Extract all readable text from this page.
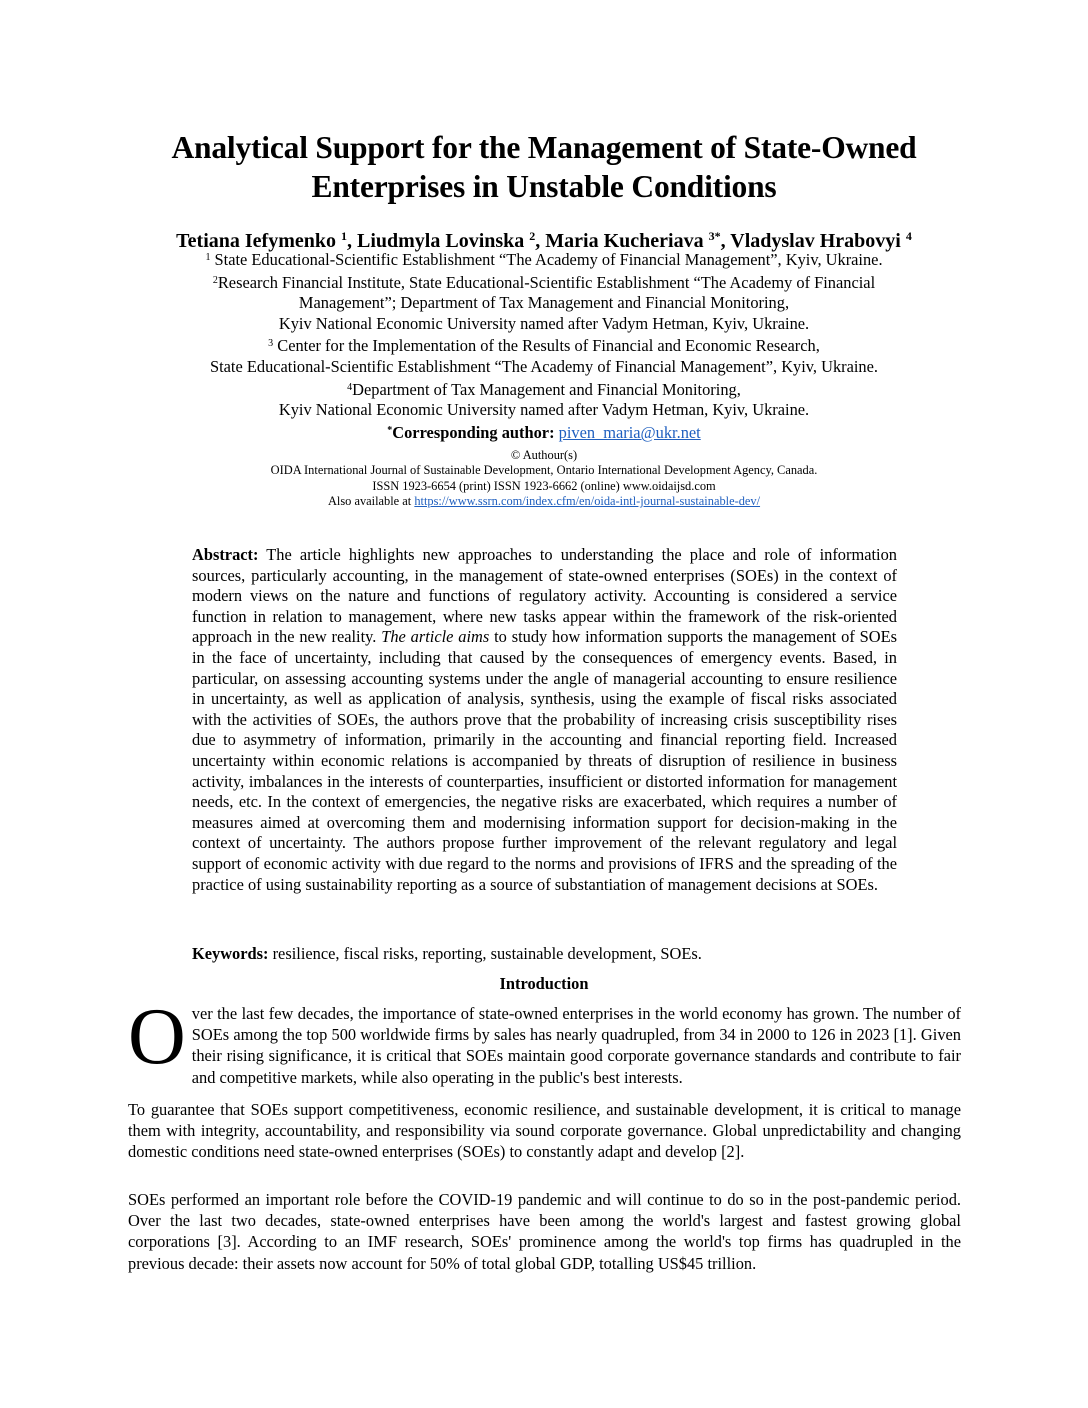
Analytical Support for the Management of State-Owned
Enterprises in Unstable Conditions
Tetiana Iefymenko $^1$, Liudmyla Lovinska $^2$, Maria Kucheriava $^{3*}$, Vladyslav Hrabovyi $^4$
$^1$ State Educational-Scientific Establishment “The Academy of Financial Management”, Kyiv, Ukraine.
$^2$Research Financial Institute, State Educational-Scientific Establishment “The Academy of Financial
Management”; Department of Tax Management and Financial Monitoring,
Kyiv National Economic University named after Vadym Hetman, Kyiv, Ukraine.
$^3$ Center for the Implementation of the Results of Financial and Economic Research,
State Educational-Scientific Establishment “The Academy of Financial Management”, Kyiv, Ukraine.
$^4$Department of Tax Management and Financial Monitoring,
Kyiv National Economic University named after Vadym Hetman, Kyiv, Ukraine.
*Corresponding author: piven_maria@ukr.net
© Authour(s)
OIDA International Journal of Sustainable Development, Ontario International Development Agency, Canada.
ISSN 1923-6654 (print) ISSN 1923-6662 (online) www.oidaijsd.com
Also available at https://www.ssrn.com/index.cfm/en/oida-intl-journal-sustainable-dev/
Abstract: The article highlights new approaches to understanding the place and role of information sources, particularly accounting, in the management of state-owned enterprises (SOEs) in the context of modern views on the nature and functions of regulatory activity. Accounting is considered a service function in relation to management, where new tasks appear within the framework of the risk-oriented approach in the new reality. The article aims to study how information supports the management of SOEs in the face of uncertainty, including that caused by the consequences of emergency events. Based, in particular, on assessing accounting systems under the angle of managerial accounting to ensure resilience in uncertainty, as well as application of analysis, synthesis, using the example of fiscal risks associated with the activities of SOEs, the authors prove that the probability of increasing crisis susceptibility rises due to asymmetry of information, primarily in the accounting and financial reporting field. Increased uncertainty within economic relations is accompanied by threats of disruption of resilience in business activity, imbalances in the interests of counterparties, insufficient or distorted information for management needs, etc. In the context of emergencies, the negative risks are exacerbated, which requires a number of measures aimed at overcoming them and modernising information support for decision-making in the context of uncertainty. The authors propose further improvement of the relevant regulatory and legal support of economic activity with due regard to the norms and provisions of IFRS and the spreading of the practice of using sustainability reporting as a source of substantiation of management decisions at SOEs.
Keywords: resilience, fiscal risks, reporting, sustainable development, SOEs.
Introduction
Over the last few decades, the importance of state-owned enterprises in the world economy has grown. The number of SOEs among the top 500 worldwide firms by sales has nearly quadrupled, from 34 in 2000 to 126 in 2023 [1]. Given their rising significance, it is critical that SOEs maintain good corporate governance standards and contribute to fair and competitive markets, while also operating in the public's best interests.
To guarantee that SOEs support competitiveness, economic resilience, and sustainable development, it is critical to manage them with integrity, accountability, and responsibility via sound corporate governance. Global unpredictability and changing domestic conditions need state-owned enterprises (SOEs) to constantly adapt and develop [2].
SOEs performed an important role before the COVID-19 pandemic and will continue to do so in the post-pandemic period. Over the last two decades, state-owned enterprises have been among the world's largest and fastest growing global corporations [3]. According to an IMF research, SOEs' prominence among the world's top firms has quadrupled in the previous decade: their assets now account for 50% of total global GDP, totalling US$45 trillion.
